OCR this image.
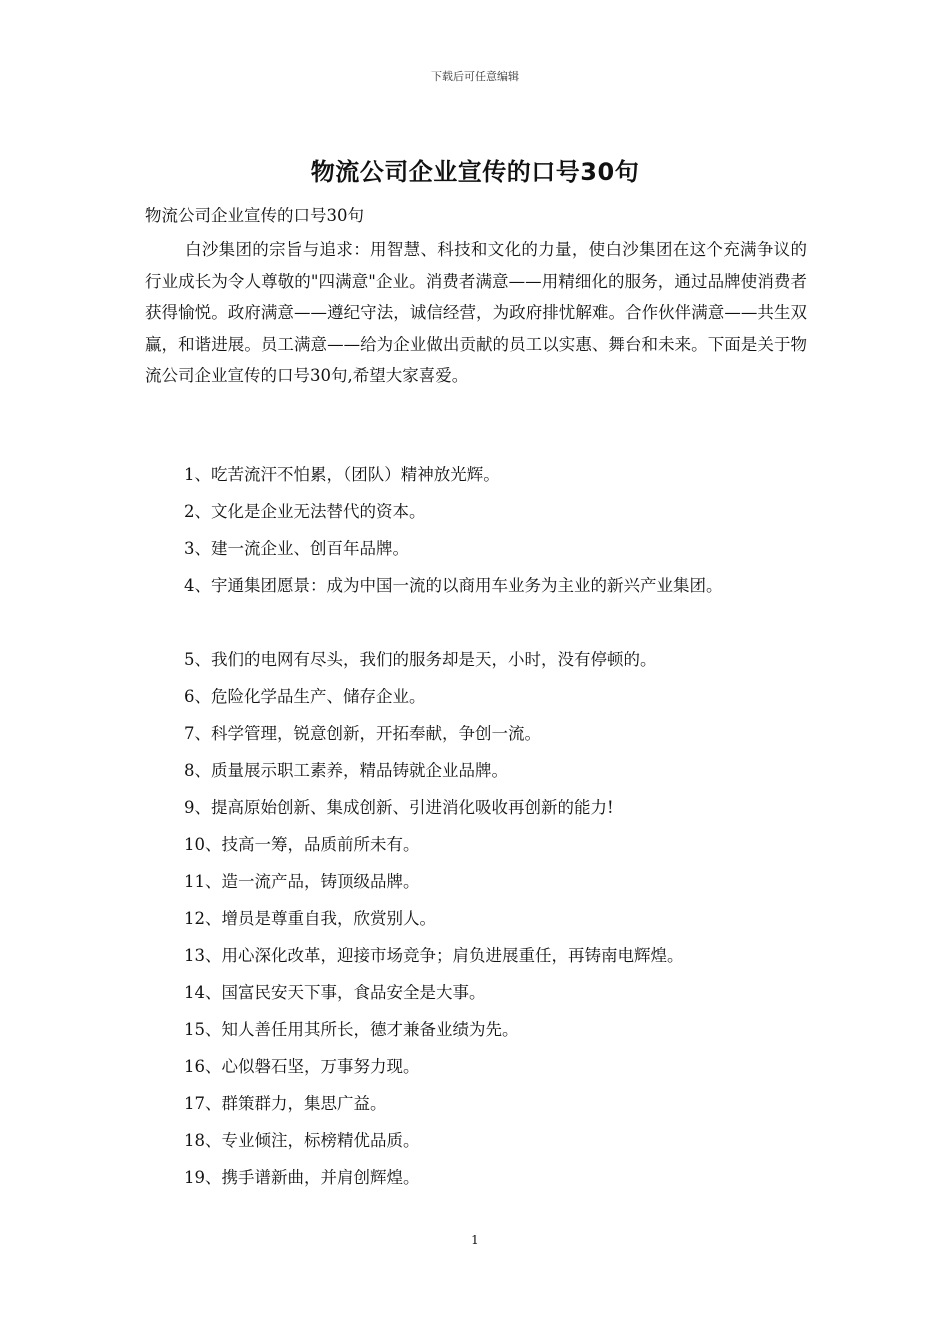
下载后可任意编辑
物流公司企业宣传的口号30句
物流公司企业宣传的口号30句

白沙集团的宗旨与追求：用智慧、科技和文化的力量，使白沙集团在这个充满争议的行业成长为令人尊敬的"四满意"企业。消费者满意——用精细化的服务，通过品牌使消费者获得愉悦。政府满意——遵纪守法，诚信经营，为政府排忧解难。合作伙伴满意——共生双赢，和谐进展。员工满意——给为企业做出贡献的员工以实惠、舞台和未来。下面是关于物流公司企业宣传的口号30句,希望大家喜爱。

1、吃苦流汗不怕累，（团队）精神放光辉。
2、文化是企业无法替代的资本。
3、建一流企业、创百年品牌。
4、宇通集团愿景：成为中国一流的以商用车业务为主业的新兴产业集团。
5、我们的电网有尽头，我们的服务却是天，小时，没有停顿的。
6、危险化学品生产、储存企业。
7、科学管理，锐意创新，开拓奉献，争创一流。
8、质量展示职工素养，精品铸就企业品牌。
9、提高原始创新、集成创新、引进消化吸收再创新的能力!
10、技高一筹，品质前所未有。
11、造一流产品，铸顶级品牌。
12、增员是尊重自我，欣赏别人。
13、用心深化改革，迎接市场竞争；肩负进展重任，再铸南电辉煌。
14、国富民安天下事，食品安全是大事。
15、知人善任用其所长，德才兼备业绩为先。
16、心似磐石坚，万事努力现。
17、群策群力，集思广益。
18、专业倾注，标榜精优品质。
19、携手谱新曲，并肩创辉煌。
1
